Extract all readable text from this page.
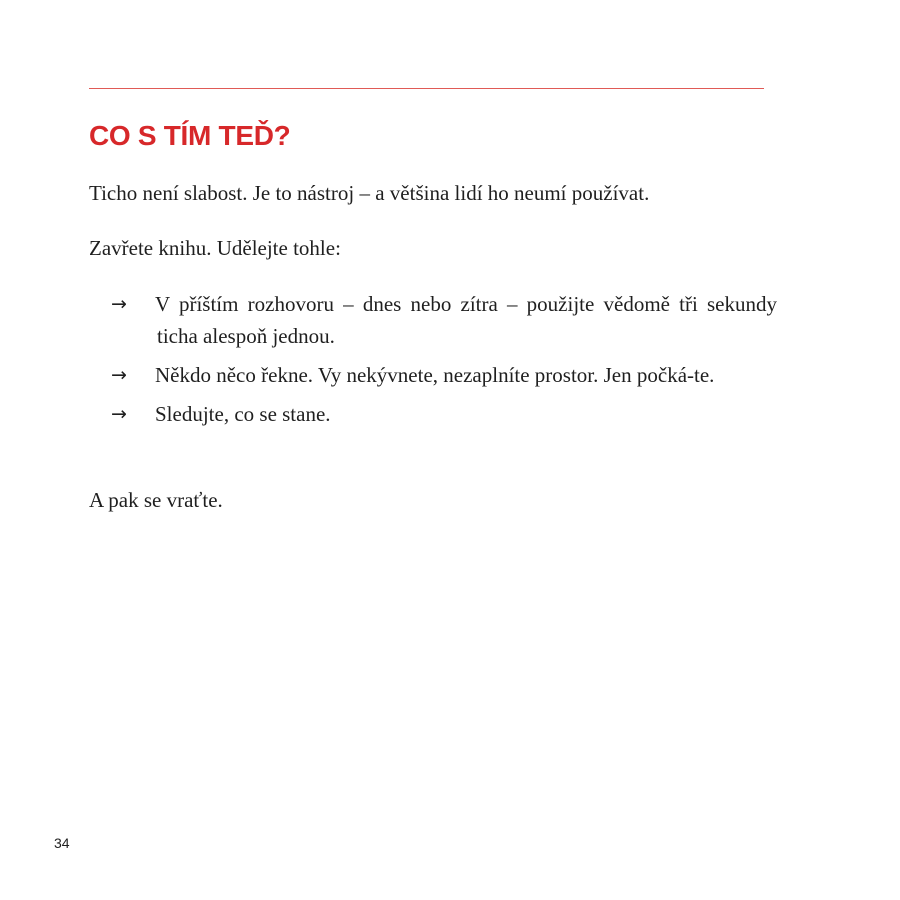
CO S TÍM TEĎ?

Ticho není slabost. Je to nástroj – a většina lidí ho neumí používat.

Zavřete knihu. Udělejte tohle:

→ V příštím rozhovoru – dnes nebo zítra – použijte vědomě tři sekundy ticha alespoň jednou.
→ Někdo něco řekne. Vy nekývnete, nezaplníte prostor. Jen počká-te.
→ Sledujte, co se stane.

A pak se vraťte.

34
